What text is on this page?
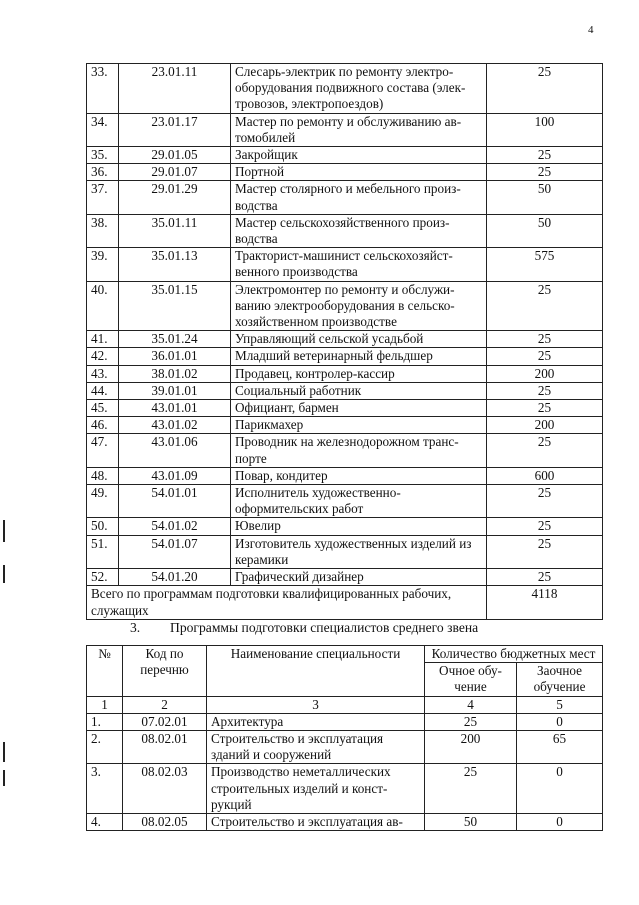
4
33.	23.01.11	Слесарь-электрик по ремонту электро-оборудования подвижного состава (элек-тровозов, электропоездов)	25
34.	23.01.17	Мастер по ремонту и обслуживанию ав-томобилей	100
35.	29.01.05	Закройщик	25
36.	29.01.07	Портной	25
37.	29.01.29	Мастер столярного и мебельного произ-водства	50
38.	35.01.11	Мастер сельскохозяйственного произ-водства	50
39.	35.01.13	Тракторист-машинист сельскохозяйст-венного производства	575
40.	35.01.15	Электромонтер по ремонту и обслужи-ванию электрооборудования в сельско-хозяйственном производстве	25
41.	35.01.24	Управляющий сельской усадьбой	25
42.	36.01.01	Младший ветеринарный фельдшер	25
43.	38.01.02	Продавец, контролер-кассир	200
44.	39.01.01	Социальный работник	25
45.	43.01.01	Официант, бармен	25
46.	43.01.02	Парикмахер	200
47.	43.01.06	Проводник на железнодорожном транс-порте	25
48.	43.01.09	Повар, кондитер	600
49.	54.01.01	Исполнитель художественно-оформительских работ	25
50.	54.01.02	Ювелир	25
51.	54.01.07	Изготовитель художественных изделий из керамики	25
52.	54.01.20	Графический дизайнер	25
Всего по программам подготовки квалифицированных рабочих, служащих			4118
3. Программы подготовки специалистов среднего звена
№	Код по перечню	Наименование специальности	Количество бюджетных мест	
			Очное обу-чение	Заочное обучение
1	2	3	4	5
1.	07.02.01	Архитектура	25	0
2.	08.02.01	Строительство и эксплуатация зданий и сооружений	200	65
3.	08.02.03	Производство неметаллических строительных изделий и конст-рукций	25	0
4.	08.02.05	Строительство и эксплуатация ав-	50	0
